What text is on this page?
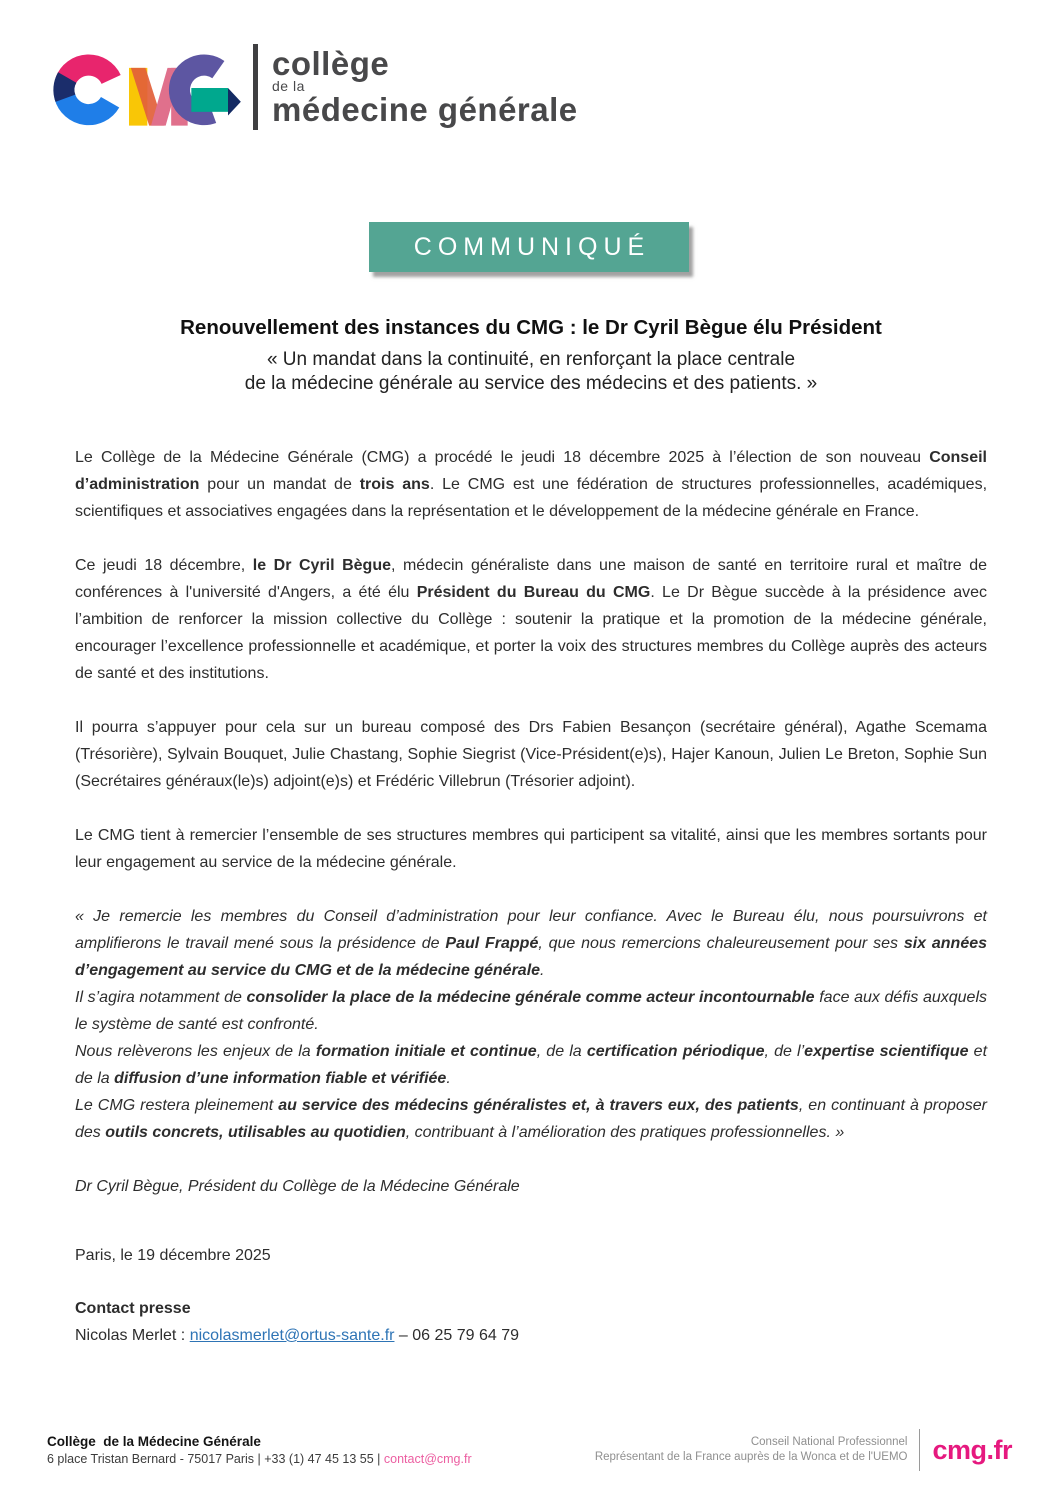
collège
de la
médecine générale
COMMUNIQUÉ
Renouvellement des instances du CMG : le Dr Cyril Bègue élu Président
« Un mandat dans la continuité, en renforçant la place centrale
de la médecine générale au service des médecins et des patients. »

Le Collège de la Médecine Générale (CMG) a procédé le jeudi 18 décembre 2025 à l’élection de son nouveau Conseil d’administration pour un mandat de trois ans. Le CMG est une fédération de structures professionnelles, académiques, scientifiques et associatives engagées dans la représentation et le développement de la médecine générale en France.

Ce jeudi 18 décembre, le Dr Cyril Bègue, médecin généraliste dans une maison de santé en territoire rural et maître de conférences à l'université d'Angers, a été élu Président du Bureau du CMG. Le Dr Bègue succède à la présidence avec l’ambition de renforcer la mission collective du Collège : soutenir la pratique et la promotion de la médecine générale, encourager l’excellence professionnelle et académique, et porter la voix des structures membres du Collège auprès des acteurs de santé et des institutions.

Il pourra s’appuyer pour cela sur un bureau composé des Drs Fabien Besançon (secrétaire général), Agathe Scemama (Trésorière), Sylvain Bouquet, Julie Chastang, Sophie Siegrist (Vice-Président(e)s), Hajer Kanoun, Julien Le Breton, Sophie Sun (Secrétaires généraux(le)s) adjoint(e)s) et Frédéric Villebrun (Trésorier adjoint).

Le CMG tient à remercier l’ensemble de ses structures membres qui participent sa vitalité, ainsi que les membres sortants pour leur engagement au service de la médecine générale.

« Je remercie les membres du Conseil d’administration pour leur confiance. Avec le Bureau élu, nous poursuivrons et amplifierons le travail mené sous la présidence de Paul Frappé, que nous remercions chaleureusement pour ses six années d’engagement au service du CMG et de la médecine générale.

Il s’agira notamment de consolider la place de la médecine générale comme acteur incontournable face aux défis auxquels le système de santé est confronté.

Nous relèverons les enjeux de la formation initiale et continue, de la certification périodique, de l’expertise scientifique et de la diffusion d’une information fiable et vérifiée.

Le CMG restera pleinement au service des médecins généralistes et, à travers eux, des patients, en continuant à proposer des outils concrets, utilisables au quotidien, contribuant à l’amélioration des pratiques professionnelles. »

Dr Cyril Bègue, Président du Collège de la Médecine Générale

Paris, le 19 décembre 2025

Contact presse

Nicolas Merlet : nicolasmerlet@ortus-sante.fr – 06 25 79 64 79

Collège  de la Médecine Générale
6 place Tristan Bernard - 75017 Paris | +33 (1) 47 45 13 55 | contact@cmg.fr
Conseil National Professionnel
Représentant de la France auprès de la Wonca et de l'UEMO cmg.fr
